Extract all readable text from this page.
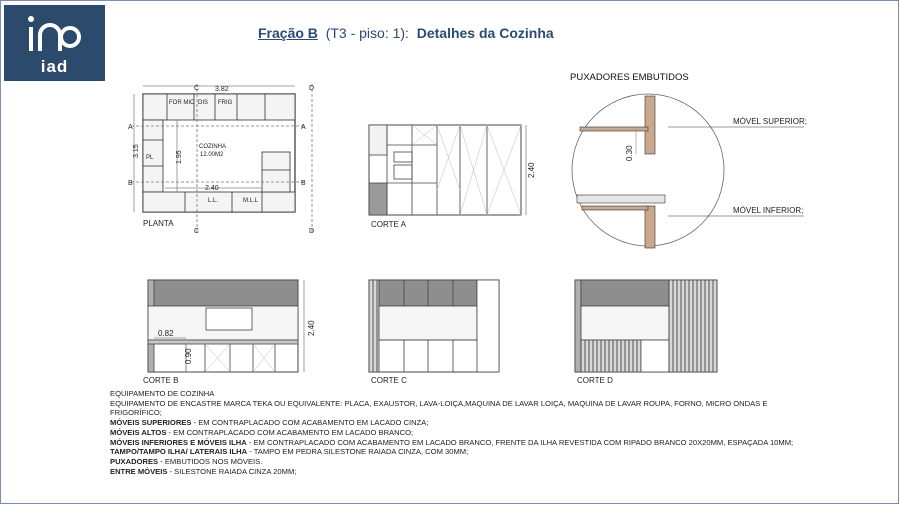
iad
Fração B (T3 - piso: 1): Detalhes da Cozinha
3.82
3.15	1.95
2.40
FOR MIC DIS FRIG
COZINHA
12.00M2
PL
L.L.	M.L.L
A	A
B	B
C
C
D
D
PLANTA
2.40
CORTE A
PUXADORES EMBUTIDOS
0.30
MÓVEL SUPERIOR;
MÓVEL INFERIOR;
2.40
0.82
0.90
CORTE B	CORTE C	CORTE D

EQUIPAMENTO DE COZINHA

EQUIPAMENTO DE ENCASTRE MARCA TEKA OU EQUIVALENTE: PLACA, EXAUSTOR, LAVA-LOIÇA,MAQUINA DE LAVAR LOIÇA, MAQUINA DE LAVAR ROUPA, FORNO, MICRO ONDAS E FRIGORÍFICO;

MÓVEIS SUPERIORES - EM CONTRAPLACADO COM ACABAMENTO EM LACADO CINZA;

MÓVEIS ALTOS - EM CONTRAPLACADO COM ACABAMENTO EM LACADO BRANCO;

MÓVEIS INFERIORES E MÓVEIS ILHA - EM CONTRAPLACADO COM ACABAMENTO EM LACADO BRANCO, FRENTE DA ILHA REVESTIDA COM RIPADO BRANCO 20X20MM, ESPAÇADA 10MM;

TAMPO/TAMPO ILHA/ LATERAIS ILHA - TAMPO EM PEDRA SILESTONE RAIADA CINZA, COM 30MM;

PUXADORES - EMBUTIDOS NOS MÓVEIS.

ENTRE MÓVEIS - SILESTONE RAIADA CINZA 20MM;
